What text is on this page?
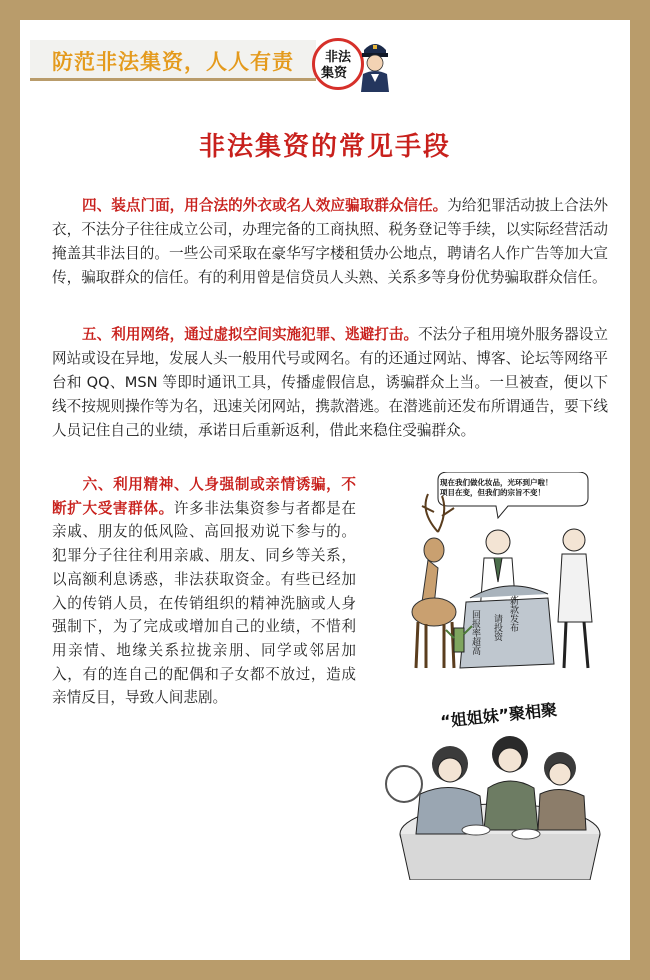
防范非法集资，人人有责 非法
集资
非法集资的常见手段

四、装点门面，用合法的外衣或名人效应骗取群众信任。为给犯罪活动披上合法外衣，不法分子往往成立公司，办理完备的工商执照、税务登记等手续，以实际经营活动掩盖其非法目的。一些公司采取在豪华写字楼租赁办公地点，聘请名人作广告等加大宣传，骗取群众的信任。有的利用曾是信贷员人头熟、关系多等身份优势骗取群众信任。

五、利用网络，通过虚拟空间实施犯罪、逃避打击。不法分子租用境外服务器设立网站或设在异地，发展人头一般用代号或网名。有的还通过网站、博客、论坛等网络平台和 QQ、MSN 等即时通讯工具，传播虚假信息，诱骗群众上当。一旦被查，便以下线不按规则操作等为名，迅速关闭网站，携款潜逃。在潜逃前还发布所谓通告，要下线人员记住自己的业绩，承诺日后重新返利，借此来稳住受骗群众。

六、利用精神、人身强制或亲情诱骗，不断扩大受害群体。许多非法集资参与者都是在亲戚、朋友的低风险、高回报劝说下参与的。犯罪分子往往利用亲戚、朋友、同乡等关系，以高额利息诱惑，非法获取资金。有些已经加入的传销人员，在传销组织的精神洗脑或人身强制下，为了完成或增加自己的业绩，不惜利用亲情、地缘关系拉拢亲朋、同学或邻居加入，有的连自己的配偶和子女都不放过，造成亲情反目，导致人间悲剧。

现在我们做化妆品，光环到户啦！
项目在变，但我们的宗旨不变！
回报率超高	新款发布
请投资
“姐姐妹”聚相聚
